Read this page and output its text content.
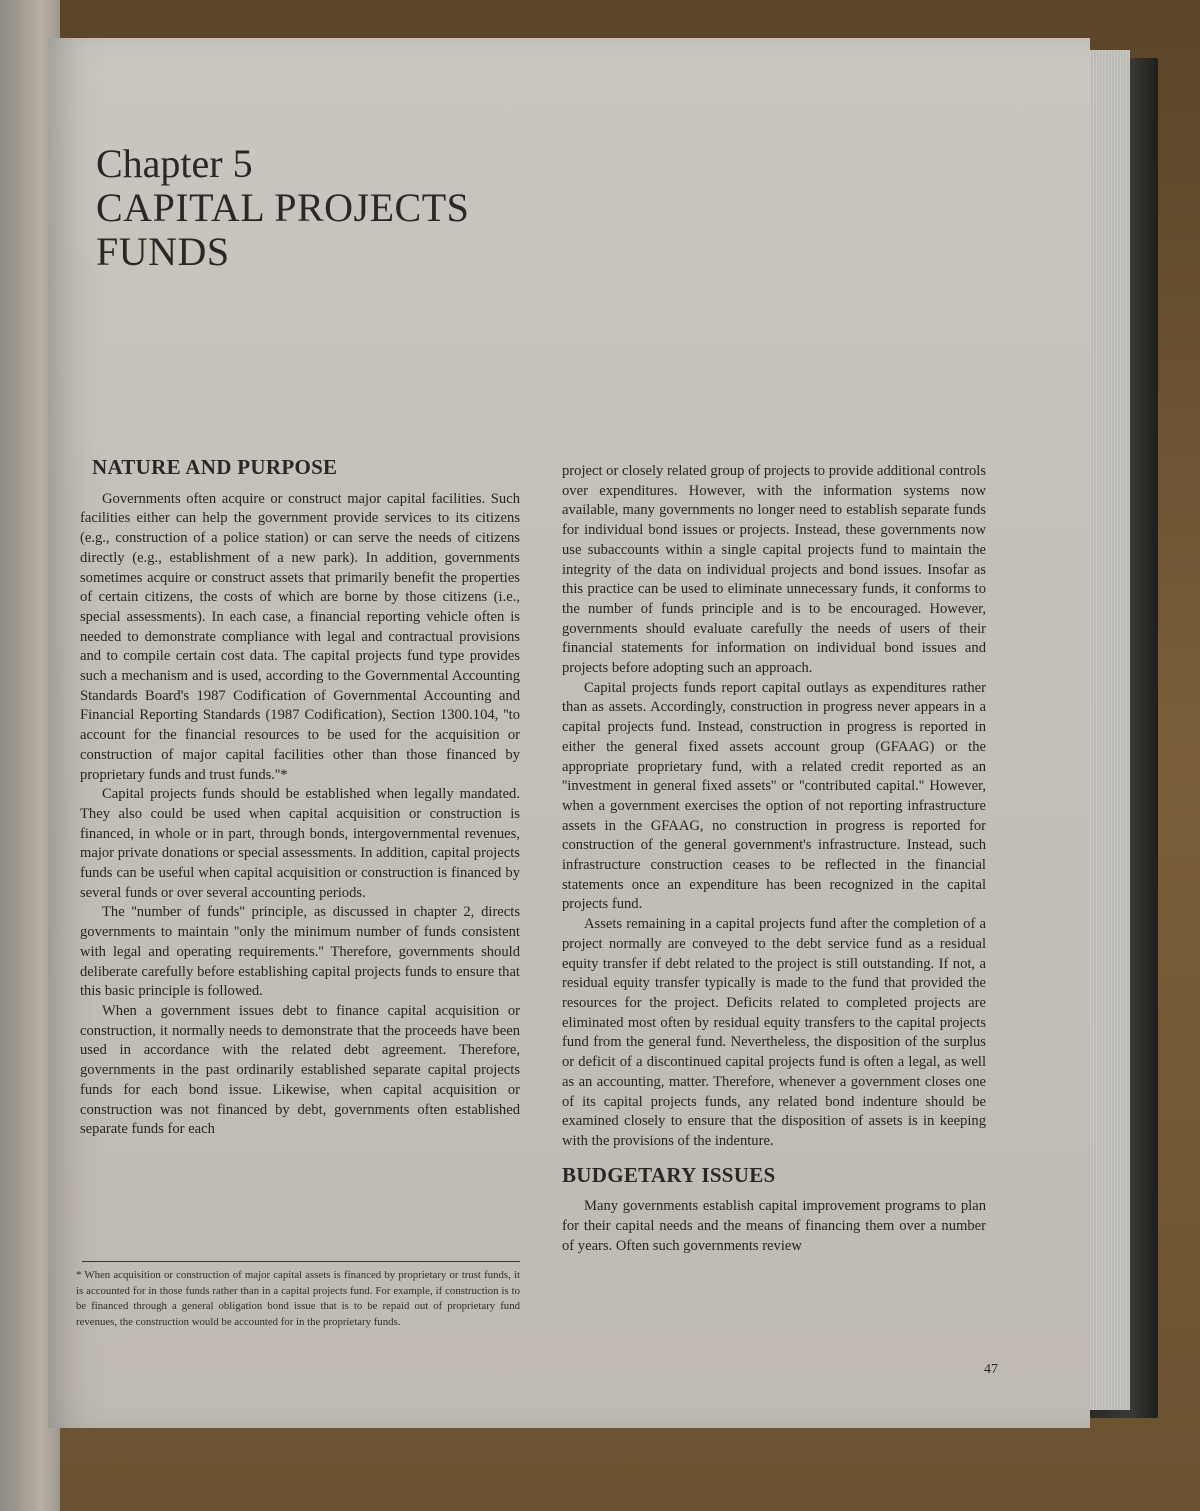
Chapter 5
CAPITAL PROJECTS
FUNDS
NATURE AND PURPOSE

Governments often acquire or construct major capital facilities. Such facilities either can help the government provide services to its citizens (e.g., construction of a police station) or can serve the needs of citizens directly (e.g., establishment of a new park). In addition, governments sometimes acquire or construct assets that primarily benefit the properties of certain citizens, the costs of which are borne by those citizens (i.e., special assessments). In each case, a financial reporting vehicle often is needed to demonstrate compliance with legal and contractual provisions and to compile certain cost data. The capital projects fund type provides such a mechanism and is used, according to the Governmental Accounting Standards Board's 1987 Codification of Governmental Accounting and Financial Reporting Standards (1987 Codification), Section 1300.104, ''to account for the financial resources to be used for the acquisition or construction of major capital facilities other than those financed by proprietary funds and trust funds.''*

Capital projects funds should be established when legally mandated. They also could be used when capital acquisition or construction is financed, in whole or in part, through bonds, intergovernmental revenues, major private donations or special assessments. In addition, capital projects funds can be useful when capital acquisition or construction is financed by several funds or over several accounting periods.

The ''number of funds'' principle, as discussed in chapter 2, directs governments to maintain ''only the minimum number of funds consistent with legal and operating requirements.'' Therefore, governments should deliberate carefully before establishing capital projects funds to ensure that this basic principle is followed.

When a government issues debt to finance capital acquisition or construction, it normally needs to demonstrate that the proceeds have been used in accordance with the related debt agreement. Therefore, governments in the past ordinarily established separate capital projects funds for each bond issue. Likewise, when capital acquisition or construction was not financed by debt, governments often established separate funds for each

* When acquisition or construction of major capital assets is financed by proprietary or trust funds, it is accounted for in those funds rather than in a capital projects fund. For example, if construction is to be financed through a general obligation bond issue that is to be repaid out of proprietary fund revenues, the construction would be accounted for in the proprietary funds.

project or closely related group of projects to provide additional controls over expenditures. However, with the information systems now available, many governments no longer need to establish separate funds for individual bond issues or projects. Instead, these governments now use subaccounts within a single capital projects fund to maintain the integrity of the data on individual projects and bond issues. Insofar as this practice can be used to eliminate unnecessary funds, it conforms to the number of funds principle and is to be encouraged. However, governments should evaluate carefully the needs of users of their financial statements for information on individual bond issues and projects before adopting such an approach.

Capital projects funds report capital outlays as expenditures rather than as assets. Accordingly, construction in progress never appears in a capital projects fund. Instead, construction in progress is reported in either the general fixed assets account group (GFAAG) or the appropriate proprietary fund, with a related credit reported as an ''investment in general fixed assets'' or ''contributed capital.'' However, when a government exercises the option of not reporting infrastructure assets in the GFAAG, no construction in progress is reported for construction of the general government's infrastructure. Instead, such infrastructure construction ceases to be reflected in the financial statements once an expenditure has been recognized in the capital projects fund.

Assets remaining in a capital projects fund after the completion of a project normally are conveyed to the debt service fund as a residual equity transfer if debt related to the project is still outstanding. If not, a residual equity transfer typically is made to the fund that provided the resources for the project. Deficits related to completed projects are eliminated most often by residual equity transfers to the capital projects fund from the general fund. Nevertheless, the disposition of the surplus or deficit of a discontinued capital projects fund is often a legal, as well as an accounting, matter. Therefore, whenever a government closes one of its capital projects funds, any related bond indenture should be examined closely to ensure that the disposition of assets is in keeping with the provisions of the indenture.

BUDGETARY ISSUES

Many governments establish capital improvement programs to plan for their capital needs and the means of financing them over a number of years. Often such governments review

47
